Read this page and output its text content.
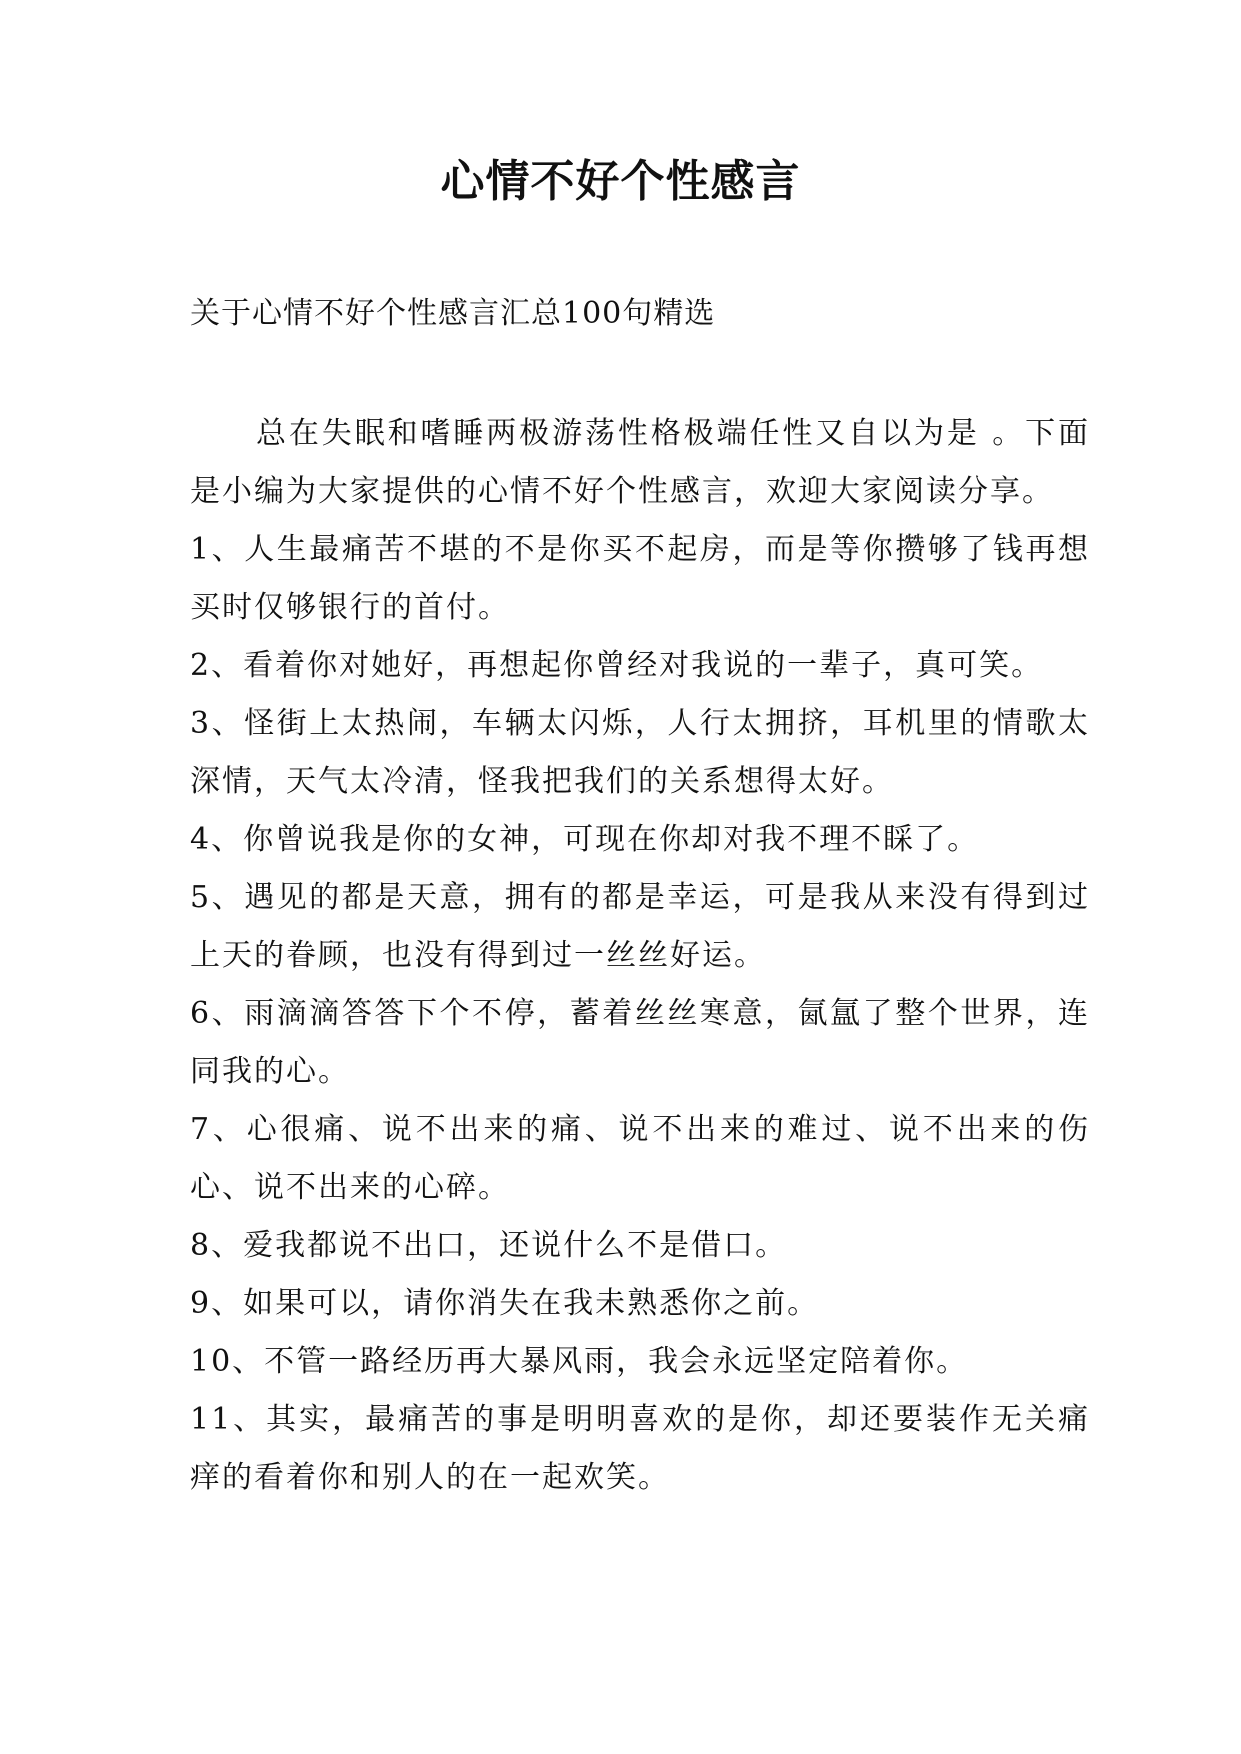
心情不好个性感言

关于心情不好个性感言汇总100句精选

总在失眠和嗜睡两极游荡性格极端任性又自以为是 。下面是小编为大家提供的心情不好个性感言，欢迎大家阅读分享。

1、人生最痛苦不堪的不是你买不起房，而是等你攒够了钱再想买时仅够银行的首付。

2、看着你对她好，再想起你曾经对我说的一辈子，真可笑。

3、怪街上太热闹，车辆太闪烁，人行太拥挤，耳机里的情歌太深情，天气太冷清，怪我把我们的关系想得太好。

4、你曾说我是你的女神，可现在你却对我不理不睬了。

5、遇见的都是天意，拥有的都是幸运，可是我从来没有得到过上天的眷顾，也没有得到过一丝丝好运。

6、雨滴滴答答下个不停，蓄着丝丝寒意，氤氲了整个世界，连同我的心。

7、心很痛、说不出来的痛、说不出来的难过、说不出来的伤心、说不出来的心碎。

8、爱我都说不出口，还说什么不是借口。

9、如果可以，请你消失在我未熟悉你之前。

10、不管一路经历再大暴风雨，我会永远坚定陪着你。

11、其实，最痛苦的事是明明喜欢的是你，却还要装作无关痛痒的看着你和别人的在一起欢笑。
